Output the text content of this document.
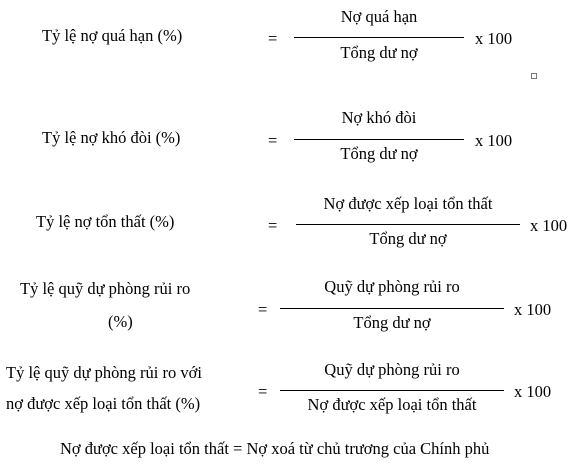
Tỷ lệ nợ quá hạn (%)	=
Nợ quá hạn
Tổng dư nợ
x 100
Tỷ lệ nợ khó đòi (%)	=
Nợ khó đòi
Tổng dư nợ
x 100
Tỷ lệ nợ tổn thất (%)	=
Nợ được xếp loại tổn thất
Tổng dư nợ
x 100
Tỷ lệ quỹ dự phòng rủi ro
(%)
=
Quỹ dự phòng rủi ro
Tổng dư nợ
x 100
Tỷ lệ quỹ dự phòng rủi ro với
nợ được xếp loại tổn thất (%)
=
Quỹ dự phòng rủi ro
Nợ được xếp loại tổn thất
x 100
Nợ được xếp loại tổn thất = Nợ xoá từ chủ trương của Chính phủ
